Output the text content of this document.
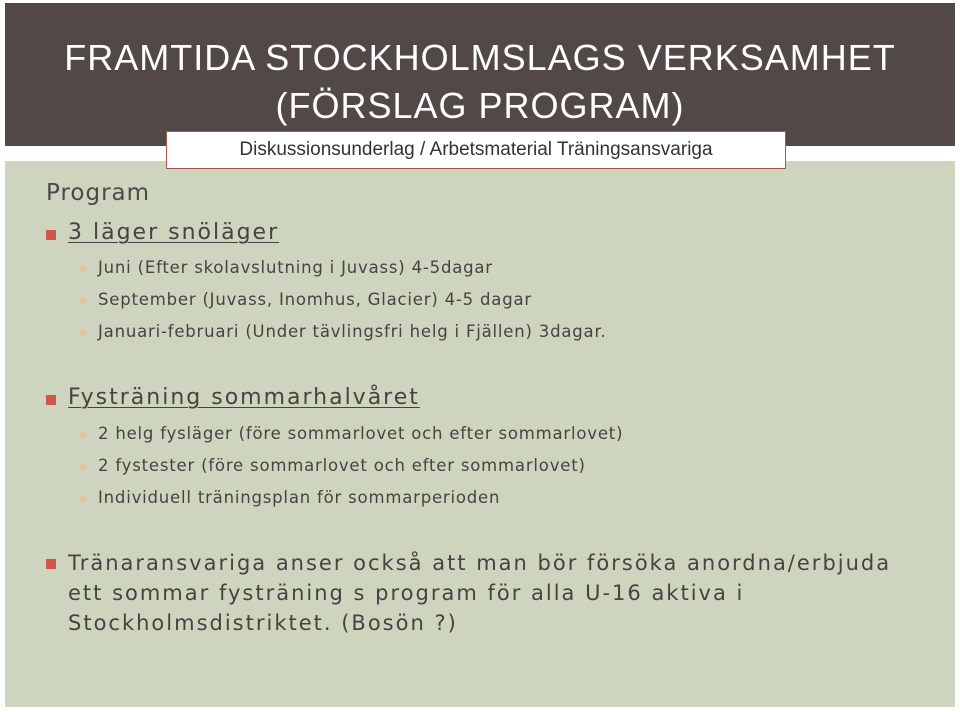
FRAMTIDA STOCKHOLMSLAGS VERKSAMHET
(FÖRSLAG PROGRAM)
Diskussionsunderlag / Arbetsmaterial Träningsansvariga
Program
3 läger snöläger
Juni (Efter skolavslutning i Juvass) 4-5dagar
September (Juvass, Inomhus, Glacier) 4-5 dagar
Januari-februari (Under tävlingsfri helg i Fjällen) 3dagar.
Fysträning sommarhalvåret
2 helg fysläger (före sommarlovet och efter sommarlovet)
2 fystester (före sommarlovet och efter sommarlovet)
Individuell träningsplan för sommarperioden
Tränaransvariga anser också att man bör försöka anordna/erbjuda ett sommar fysträning s program för alla U-16 aktiva i Stockholmsdistriktet. (Bosön ?)
